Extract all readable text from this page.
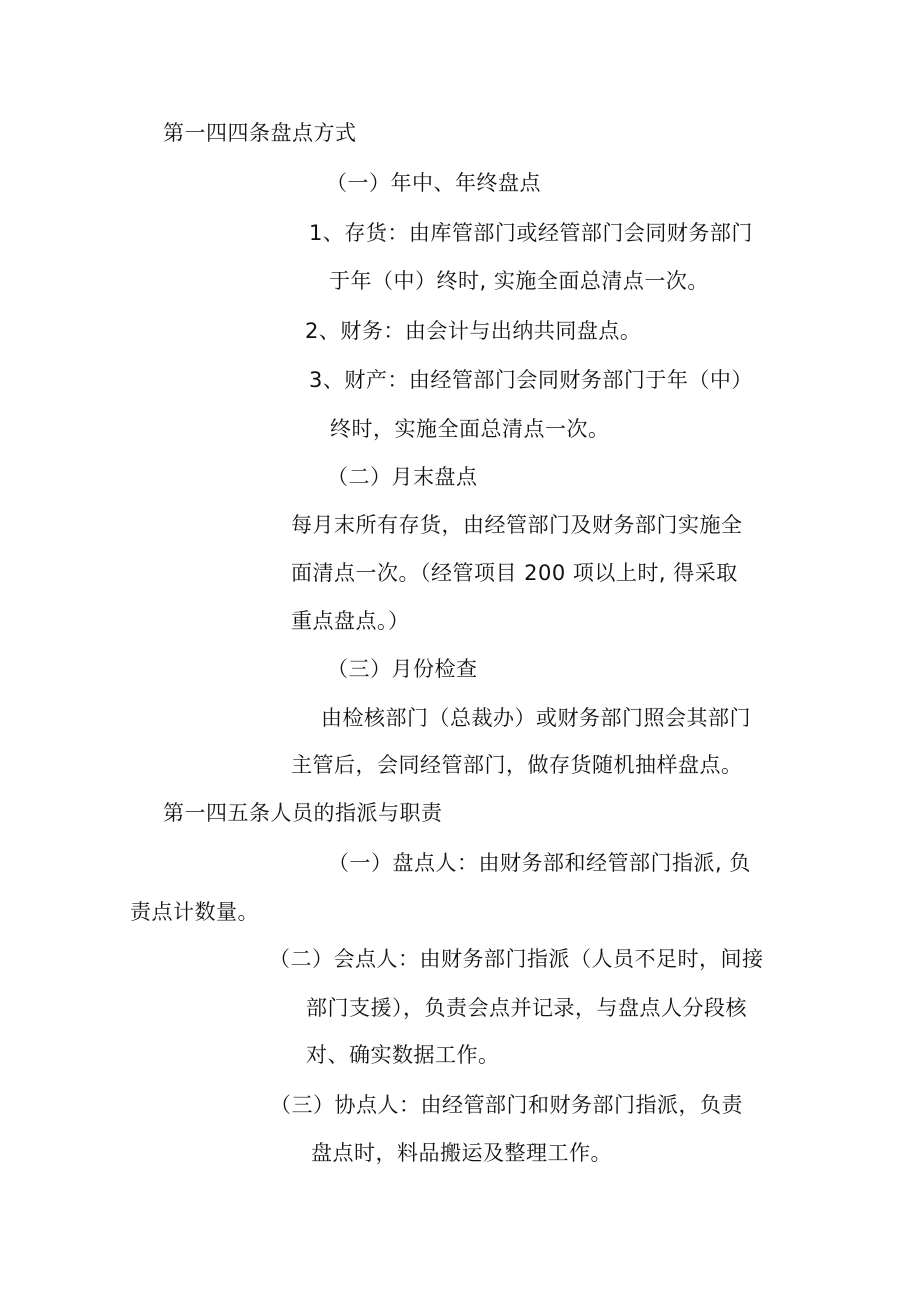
第一四四条盘点方式
（一）年中、年终盘点
1、存货：由库管部门或经管部门会同财务部门
于年（中）终时, 实施全面总清点一次。
2、财务：由会计与出纳共同盘点。
3、财产：由经管部门会同财务部门于年（中）
终时，实施全面总清点一次。
（二）月末盘点
每月末所有存货，由经管部门及财务部门实施全
面清点一次。（经管项目 200 项以上时, 得采取
重点盘点。）
（三）月份检查
由检核部门（总裁办）或财务部门照会其部门
主管后，会同经管部门，做存货随机抽样盘点。
第一四五条人员的指派与职责
（一）盘点人：由财务部和经管部门指派, 负
责点计数量。
（二）会点人：由财务部门指派（人员不足时，间接
部门支援），负责会点并记录，与盘点人分段核
对、确实数据工作。
（三）协点人：由经管部门和财务部门指派，负责
盘点时，料品搬运及整理工作。
